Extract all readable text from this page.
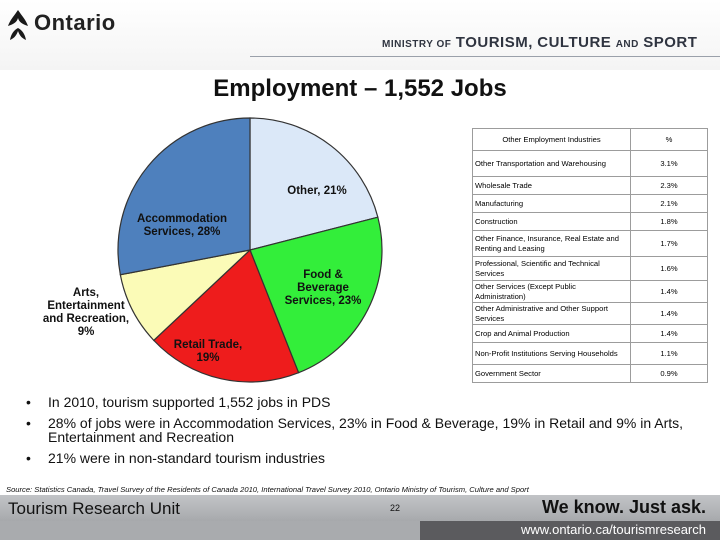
Ontario
MINISTRY OF TOURISM, CULTURE AND SPORT
Employment – 1,552 Jobs
Other, 21%
Food & Beverage Services, 23%
Retail Trade, 19%
Arts, Entertainment and Recreation, 9%
Accommodation Services, 28%
Other Employment Industries	%
Other Transportation and Warehousing	3.1%
Wholesale Trade	2.3%
Manufacturing	2.1%
Construction	1.8%
Other Finance, Insurance, Real Estate and Renting and Leasing	1.7%
Professional, Scientific and Technical Services	1.6%
Other Services (Except Public Administration)	1.4%
Other Administrative and Other Support Services	1.4%
Crop and Animal Production	1.4%
Non-Profit Institutions Serving Households	1.1%
Government Sector	0.9%
• In 2010, tourism supported 1,552 jobs in PDS
• 28% of jobs were in Accommodation Services, 23% in Food & Beverage, 19% in Retail and 9% in Arts, Entertainment and Recreation
• 21% were in non-standard tourism industries
Source: Statistics Canada, Travel Survey of the Residents of Canada 2010, International Travel Survey 2010, Ontario Ministry of Tourism, Culture and Sport
Tourism Research Unit	22	We know. Just ask.
www.ontario.ca/tourismresearch
